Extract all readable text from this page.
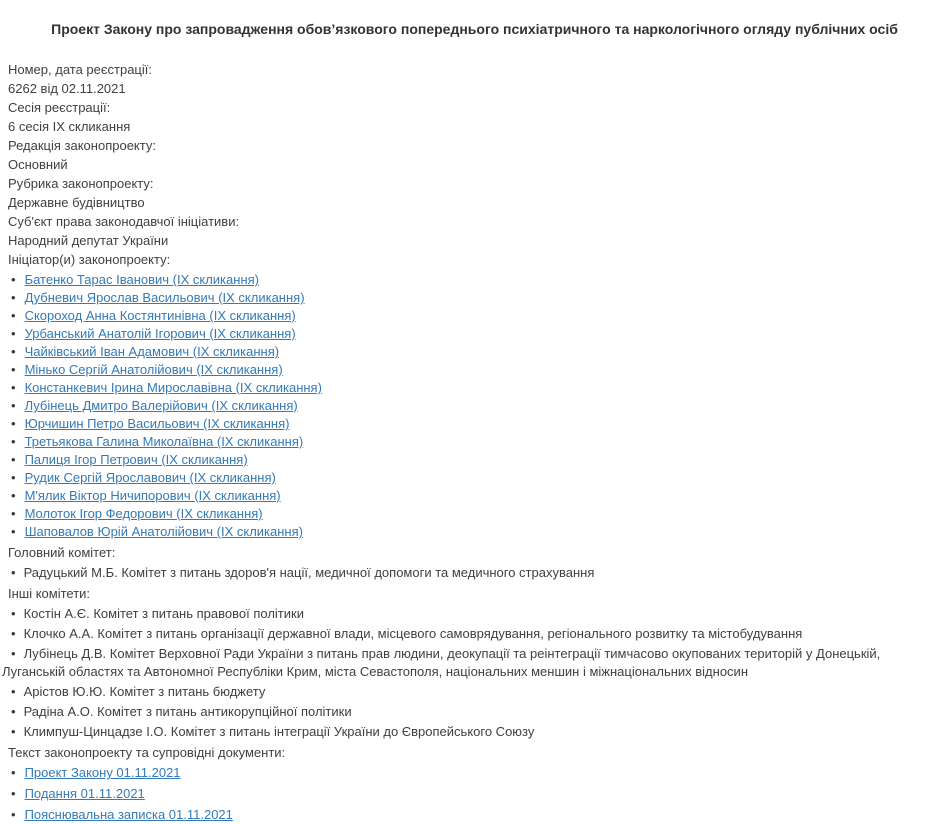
Проект Закону про запровадження обов’язкового попереднього психіатричного та наркологічного огляду публічних осіб
Номер, дата реєстрації:
6262 від 02.11.2021
Сесія реєстрації:
6 сесія ІХ скликання
Редакція законопроекту:
Основний
Рубрика законопроекту:
Державне будівництво
Суб'єкт права законодавчої ініціативи:
Народний депутат України
Ініціатор(и) законопроекту:
• Батенко Тарас Іванович (ІХ скликання)
• Дубневич Ярослав Васильович (ІХ скликання)
• Скороход Анна Костянтинівна (ІХ скликання)
• Урбанський Анатолій Ігорович (ІХ скликання)
• Чайківський Іван Адамович (ІХ скликання)
• Мінько Сергій Анатолійович (ІХ скликання)
• Констанкевич Ірина Мирославівна (ІХ скликання)
• Лубінець Дмитро Валерійович (ІХ скликання)
• Юрчишин Петро Васильович (ІХ скликання)
• Третьякова Галина Миколаївна (ІХ скликання)
• Палиця Ігор Петрович (ІХ скликання)
• Рудик Сергій Ярославович (ІХ скликання)
• М'ялик Віктор Ничипорович (ІХ скликання)
• Молоток Ігор Федорович (ІХ скликання)
• Шаповалов Юрій Анатолійович (ІХ скликання)
Головний комітет:
• Радуцький М.Б. Комітет з питань здоров'я нації, медичної допомоги та медичного страхування
Інші комітети:
• Костін А.Є. Комітет з питань правової політики
• Клочко А.А. Комітет з питань організації державної влади, місцевого самоврядування, регіонального розвитку та містобудування
• Лубінець Д.В. Комітет Верховної Ради України з питань прав людини, деокупації та реінтеграції тимчасово окупованих територій у Донецькій, Луганській областях та Автономної Республіки Крим, міста Севастополя, національних меншин і міжнаціональних відносин
• Арістов Ю.Ю. Комітет з питань бюджету
• Радіна А.О. Комітет з питань антикорупційної політики
• Климпуш-Цинцадзе І.О. Комітет з питань інтеграції України до Європейського Союзу
Текст законопроекту та супровідні документи:
• Проект Закону 01.11.2021
• Подання 01.11.2021
• Пояснювальна записка 01.11.2021
